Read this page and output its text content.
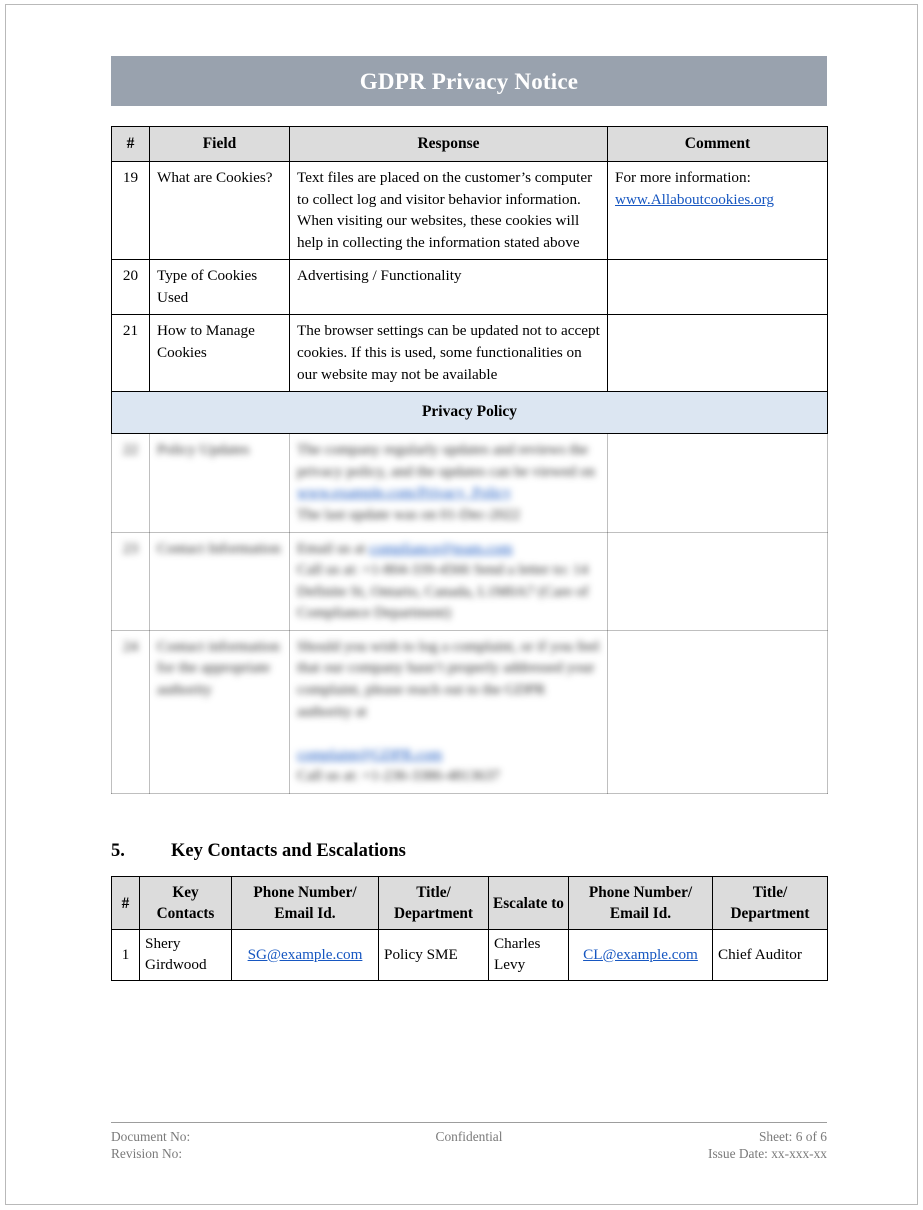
GDPR Privacy Notice
#	Field	Response	Comment
19	What are Cookies?	Text files are placed on the customer’s computer to collect log and visitor behavior information. When visiting our websites, these cookies will help in collecting the information stated above	For more information:
www.Allaboutcookies.org
20	Type of Cookies Used	Advertising / Functionality	
21	How to Manage Cookies	The browser settings can be updated not to accept cookies. If this is used, some functionalities on our website may not be available	
Privacy Policy			
22	Policy Updates	The company regularly updates and reviews the privacy policy, and the updates can be viewed on
www.example.com/Privacy_Policy
The last update was on 01-Dec-2022	
23	Contact Information	Email us at compliance@team.com
Call us at: +1-804-339-4566 Send a letter to: 14 Definite St, Ontario, Canada, L1M0A7 (Care of Compliance Department)	
24	Contact information for the appropriate authority	Should you wish to log a complaint, or if you feel that our company hasn’t properly addressed your complaint, please reach out to the GDPR authority at

complaint@GDPR.com
Call us at: +1-236-3386-4813637	
5. Key Contacts and Escalations
#	Key Contacts	Phone Number/ Email Id.	Title/ Department	Escalate to	Phone Number/ Email Id.	Title/ Department
1	Shery Girdwood	SG@example.com	Policy SME	Charles Levy	CL@example.com	Chief Auditor
Document No:
Revision No:
Confidential	Sheet: 6 of 6
Issue Date: xx-xxx-xx
